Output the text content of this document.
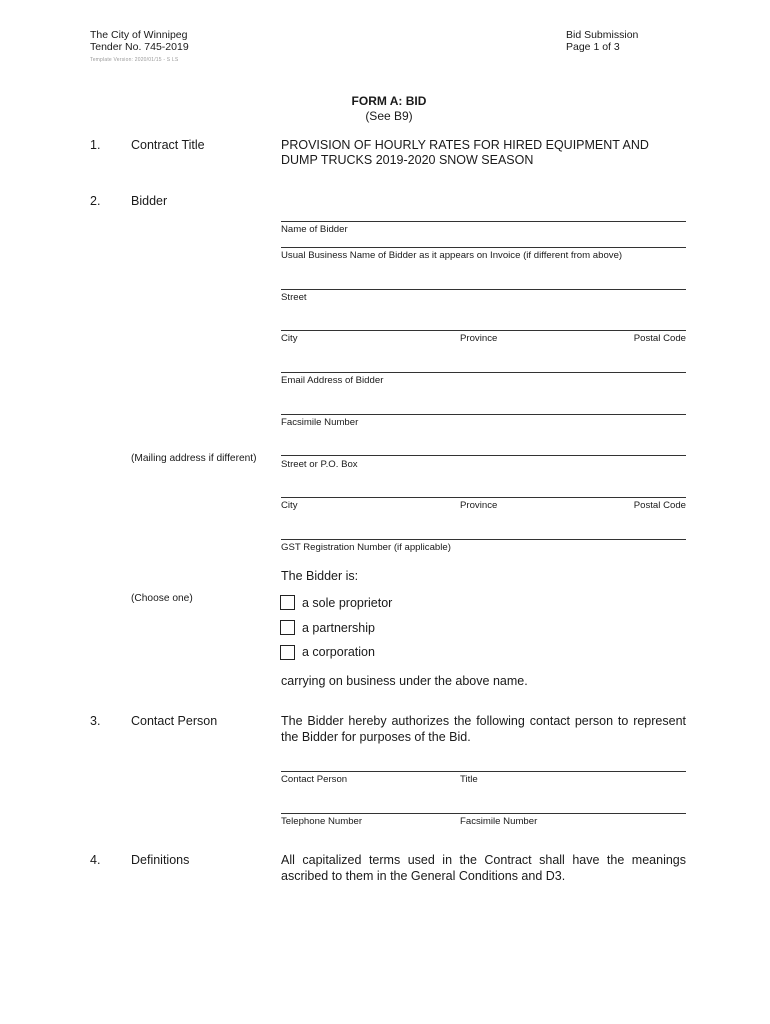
The City of Winnipeg
Tender No. 745-2019
Template Version: 2020/01/15 - S LS
Bid Submission
Page 1 of 3
FORM A: BID
(See B9)
1. Contract Title	PROVISION OF HOURLY RATES FOR HIRED EQUIPMENT AND
DUMP TRUCKS 2019-2020 SNOW SEASON
2. Bidder
Name of Bidder
Usual Business Name of Bidder as it appears on Invoice (if different from above)
Street
City	Province	Postal Code
Email Address of Bidder
Facsimile Number
(Mailing address if different)
Street or P.O. Box
City	Province	Postal Code
GST Registration Number (if applicable)
The Bidder is:
(Choose one)	a sole proprietor
a partnership
a corporation
carrying on business under the above name.
3. Contact Person	The Bidder hereby authorizes the following contact person to represent the Bidder for purposes of the Bid.
Contact Person	Title
Telephone Number	Facsimile Number
4. Definitions	All capitalized terms used in the Contract shall have the meanings ascribed to them in the General Conditions and D3.
